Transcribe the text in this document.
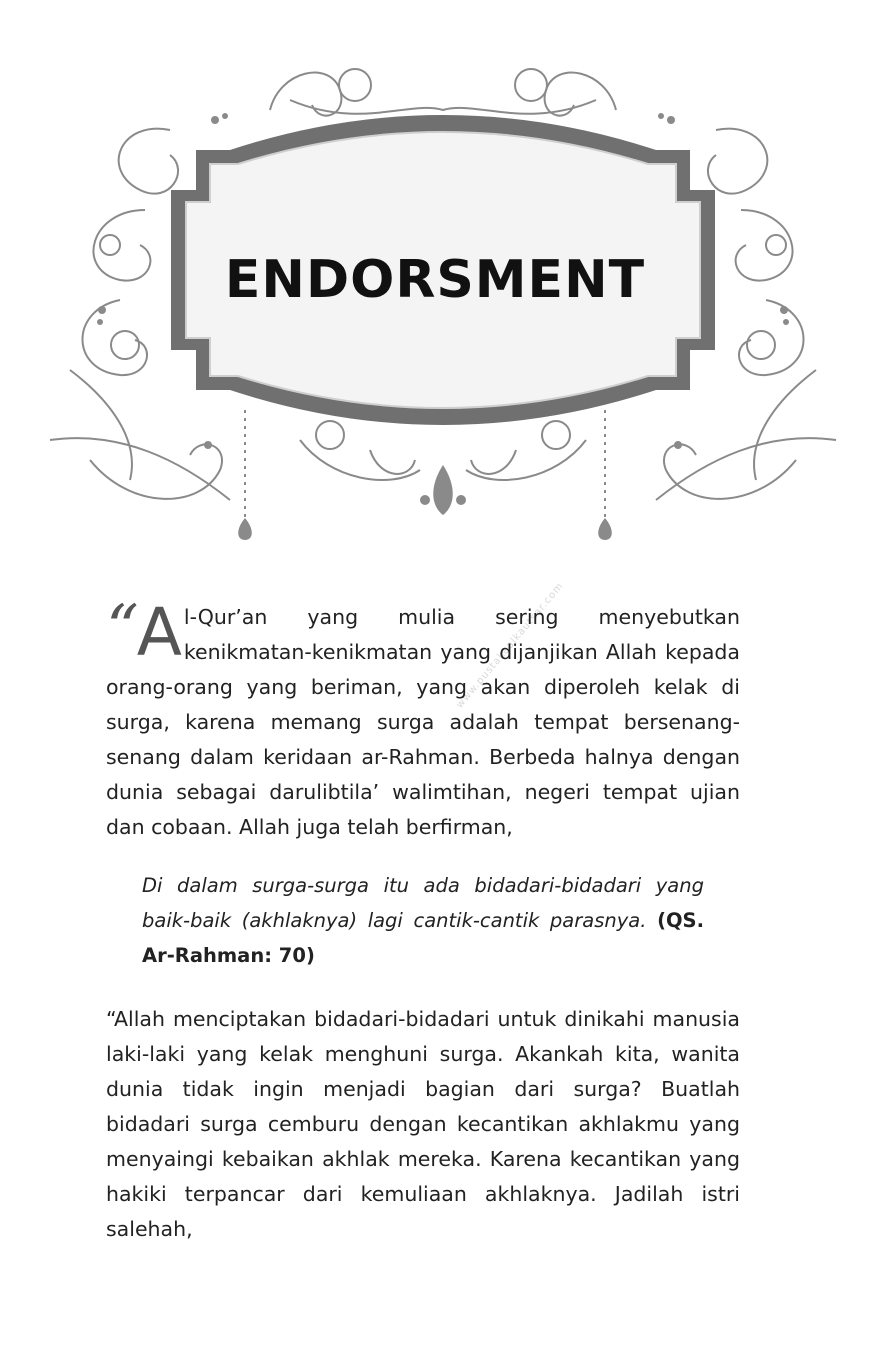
ENDORSMENT
www.pustakaalkautsar.com

“
A l-Qur’an yang mulia sering menyebutkan kenikmatan-kenikmatan yang dijanjikan Allah kepada orang-orang yang beriman, yang akan diperoleh kelak di surga, karena memang surga adalah tempat bersenang-senang dalam keridaan ar-Rahman. Berbeda halnya dengan dunia sebagai darulibtila’ walimtihan, negeri tempat ujian dan cobaan. Allah juga telah berfirman,

Di dalam surga-surga itu ada bidadari-bidadari yang baik-baik (akhlaknya) lagi cantik-cantik parasnya. (QS. Ar-Rahman: 70)

“Allah menciptakan bidadari-bidadari untuk dinikahi manusia laki-laki yang kelak menghuni surga. Akankah kita, wanita dunia tidak ingin menjadi bagian dari surga? Buatlah bidadari surga cemburu dengan kecantikan akhlakmu yang menyaingi kebaikan akhlak mereka. Karena kecantikan yang hakiki terpancar dari kemuliaan akhlaknya. Jadilah istri salehah,
